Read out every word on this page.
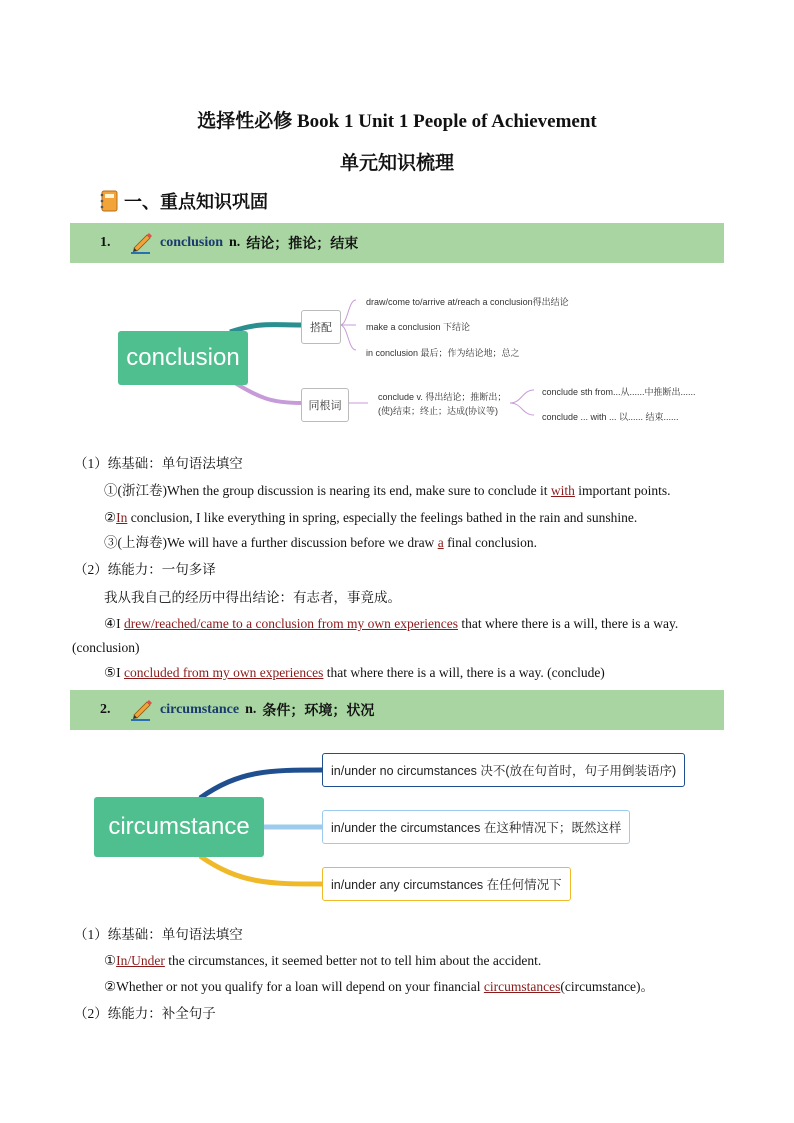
选择性必修 Book 1 Unit 1 People of Achievement
单元知识梳理
一、重点知识巩固
1.	conclusion n. 结论；推论；结束
conclusion
搭配
draw/come to/arrive at/reach a conclusion得出结论
make a conclusion 下结论
in conclusion 最后；作为结论地；总之
同根词
conclude v. 得出结论；推断出；
(使)结束；终止；达成(协议等)
conclude sth from...从......中推断出......
conclude ... with ... 以...... 结束......
（1）练基础：单句语法填空
①(浙江卷)When the group discussion is nearing its end, make sure to conclude it with important points.
②In conclusion, I like everything in spring, especially the feelings bathed in the rain and sunshine.
③(上海卷)We will have a further discussion before we draw a final conclusion.
（2）练能力：一句多译
我从我自己的经历中得出结论：有志者，事竟成。
④I drew/reached/came to a conclusion from my own experiences that where there is a will, there is a way.
(conclusion)
⑤I concluded from my own experiences that where there is a will, there is a way. (conclude)
2.	circumstance n. 条件；环境；状况
circumstance
in/under no circumstances 决不(放在句首时，句子用倒装语序)
in/under the circumstances 在这种情况下；既然这样
in/under any circumstances 在任何情况下
（1）练基础：单句语法填空
①In/Under the circumstances, it seemed better not to tell him about the accident.
②Whether or not you qualify for a loan will depend on your financial circumstances(circumstance)。
（2）练能力：补全句子
